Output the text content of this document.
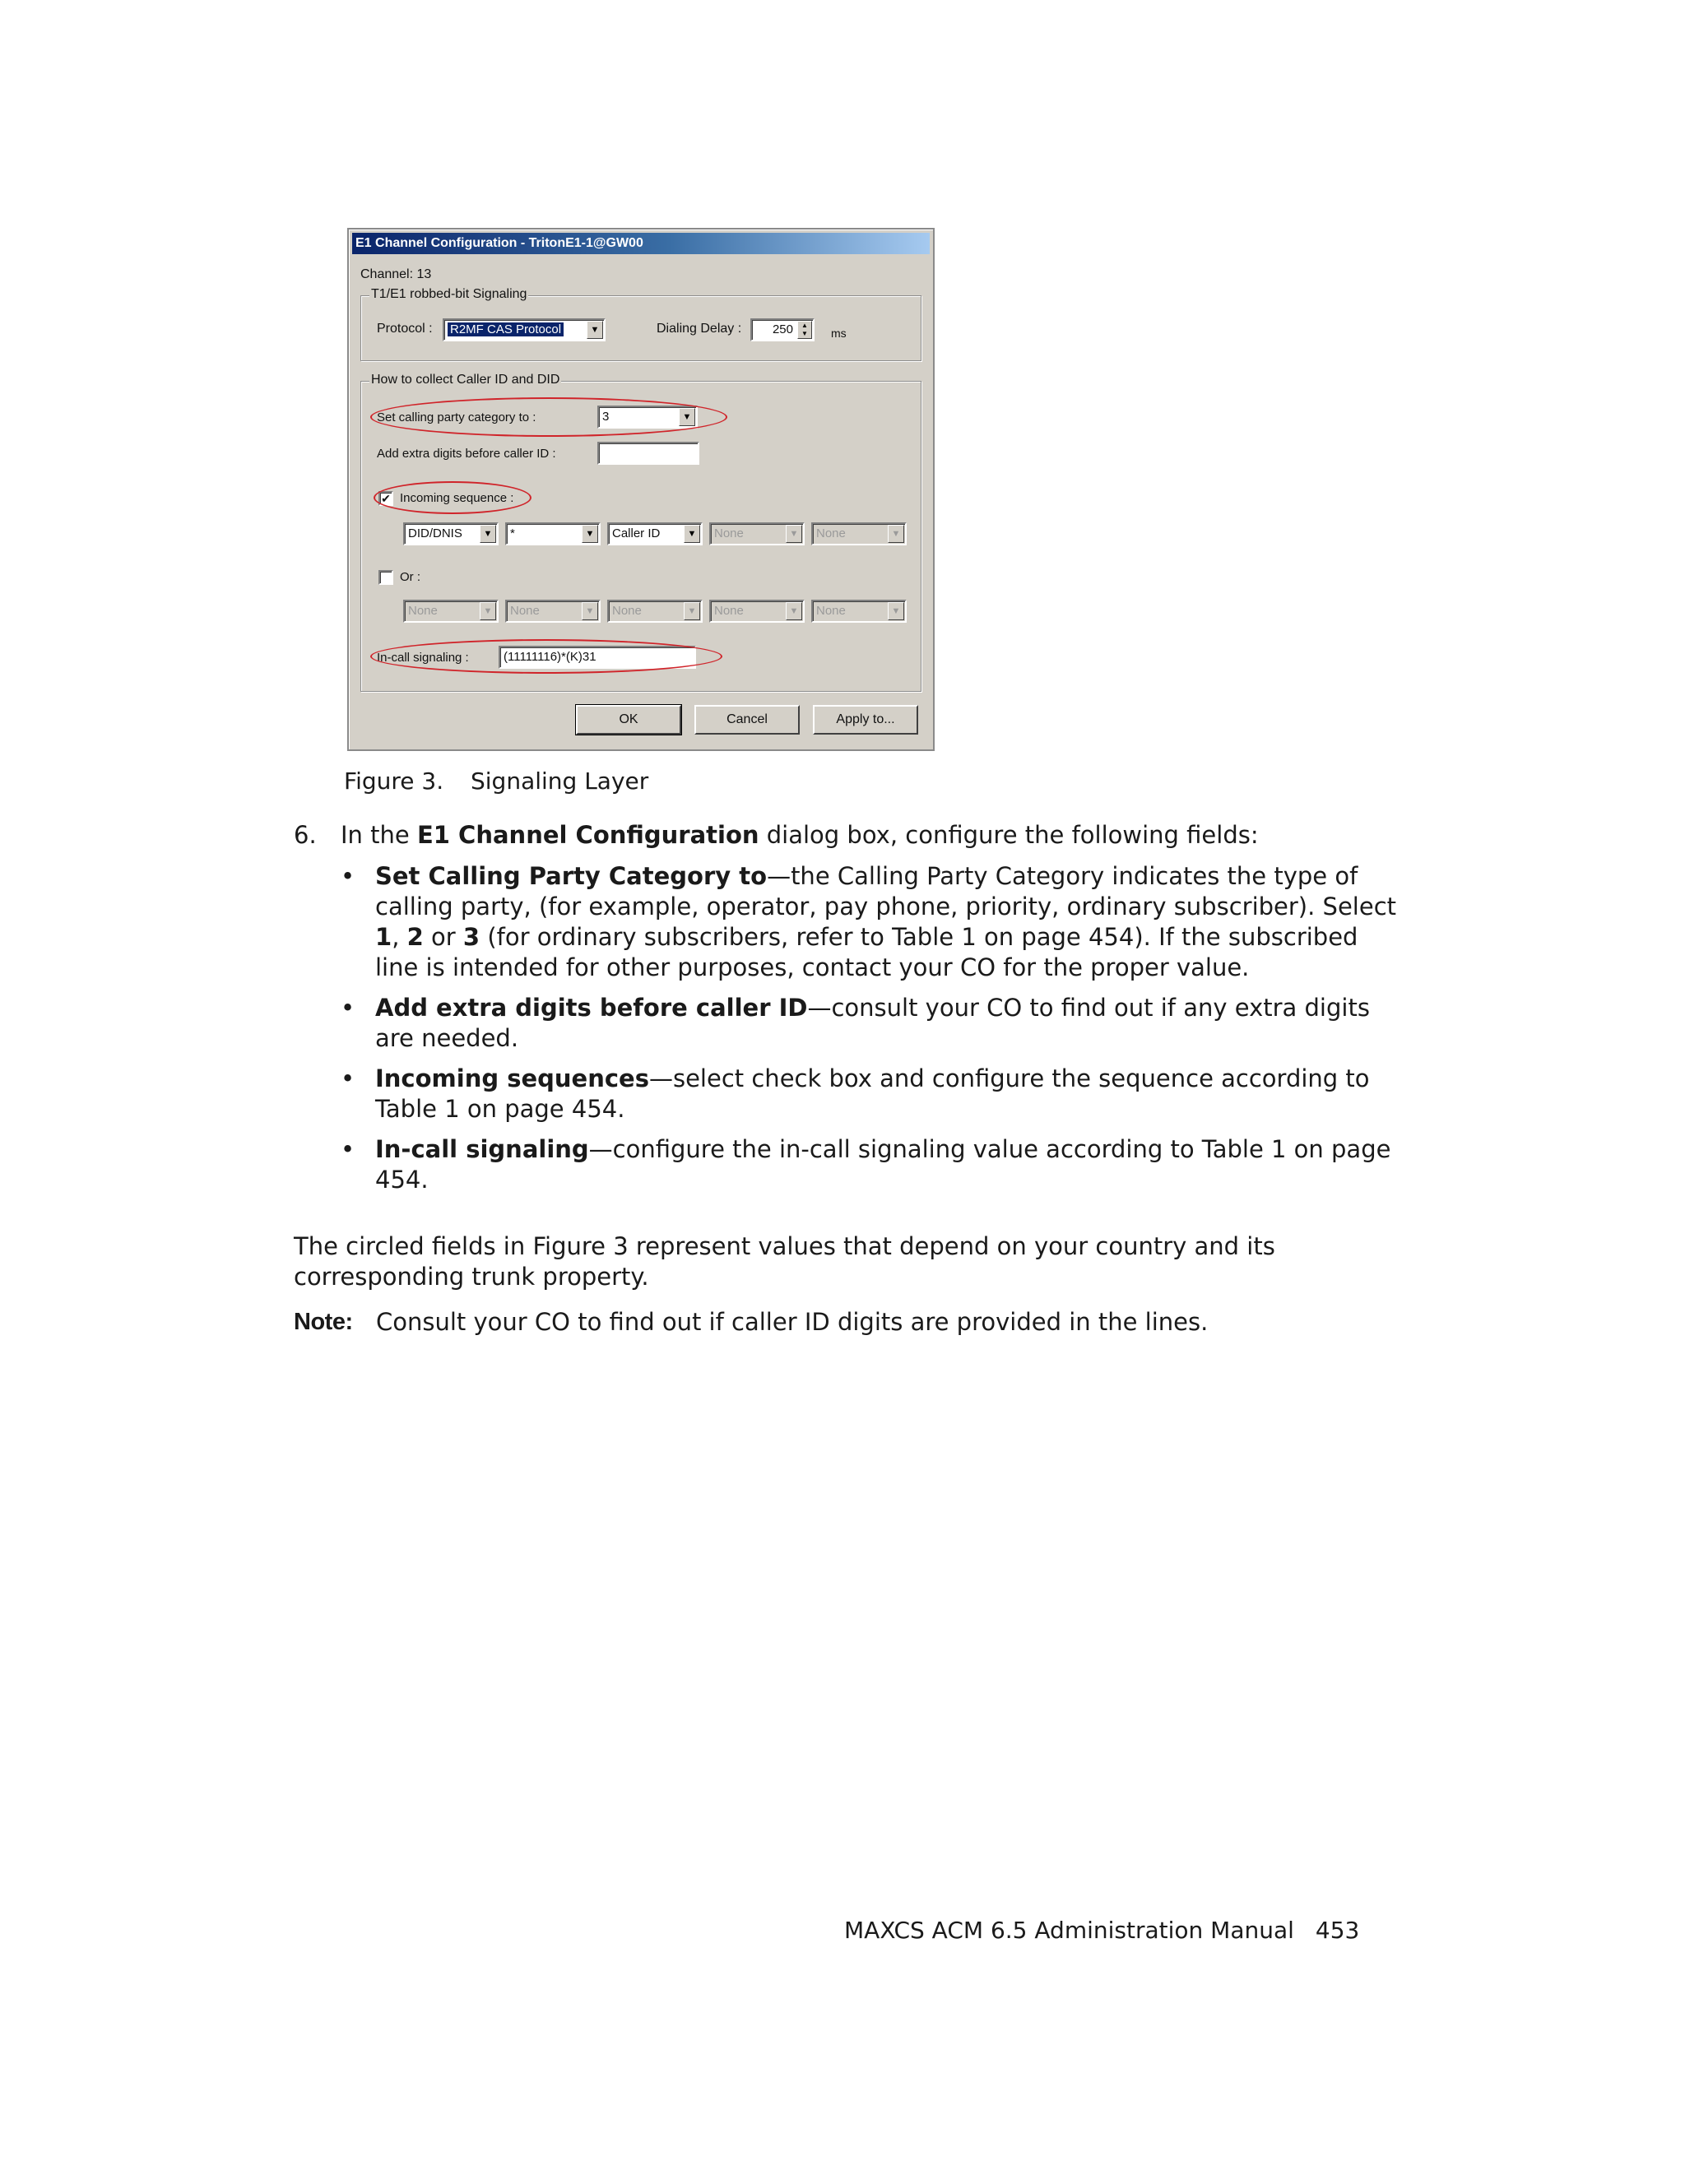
E1 Channel Configuration - TritonE1-1@GW00
Channel: 13
T1/E1 robbed-bit Signaling
Protocol :	R2MF CAS Protocol	▼	Dialing Delay :	250	▲
▼	ms
How to collect Caller ID and DID
Set calling party category to :	3	▼
Add extra digits before caller ID :
✔ Incoming sequence :
DID/DNIS	▼	*	▼	Caller ID	▼	None	▼	None	▼
Or :
None	▼	None	▼	None	▼	None	▼	None	▼
In-call signaling :	(11111116)*(K)31
OK	Cancel	Apply to...
Figure 3. Signaling Layer
6. In the E1 Channel Configuration dialog box, configure the following fields:
• Set Calling Party Category to—the Calling Party Category indicates the type of calling party, (for example, operator, pay phone, priority, ordinary subscriber). Select 1, 2 or 3 (for ordinary subscribers, refer to Table 1 on page 454). If the subscribed line is intended for other purposes, contact your CO for the proper value.
• Add extra digits before caller ID—consult your CO to find out if any extra digits are needed.
• Incoming sequences—select check box and configure the sequence according to Table 1 on page 454.
• In-call signaling—configure the in-call signaling value according to Table 1 on page 454.
The circled fields in Figure 3 represent values that depend on your country and its corresponding trunk property.
Note: Consult your CO to find out if caller ID digits are provided in the lines.
MAXCS ACM 6.5 Administration Manual 453
